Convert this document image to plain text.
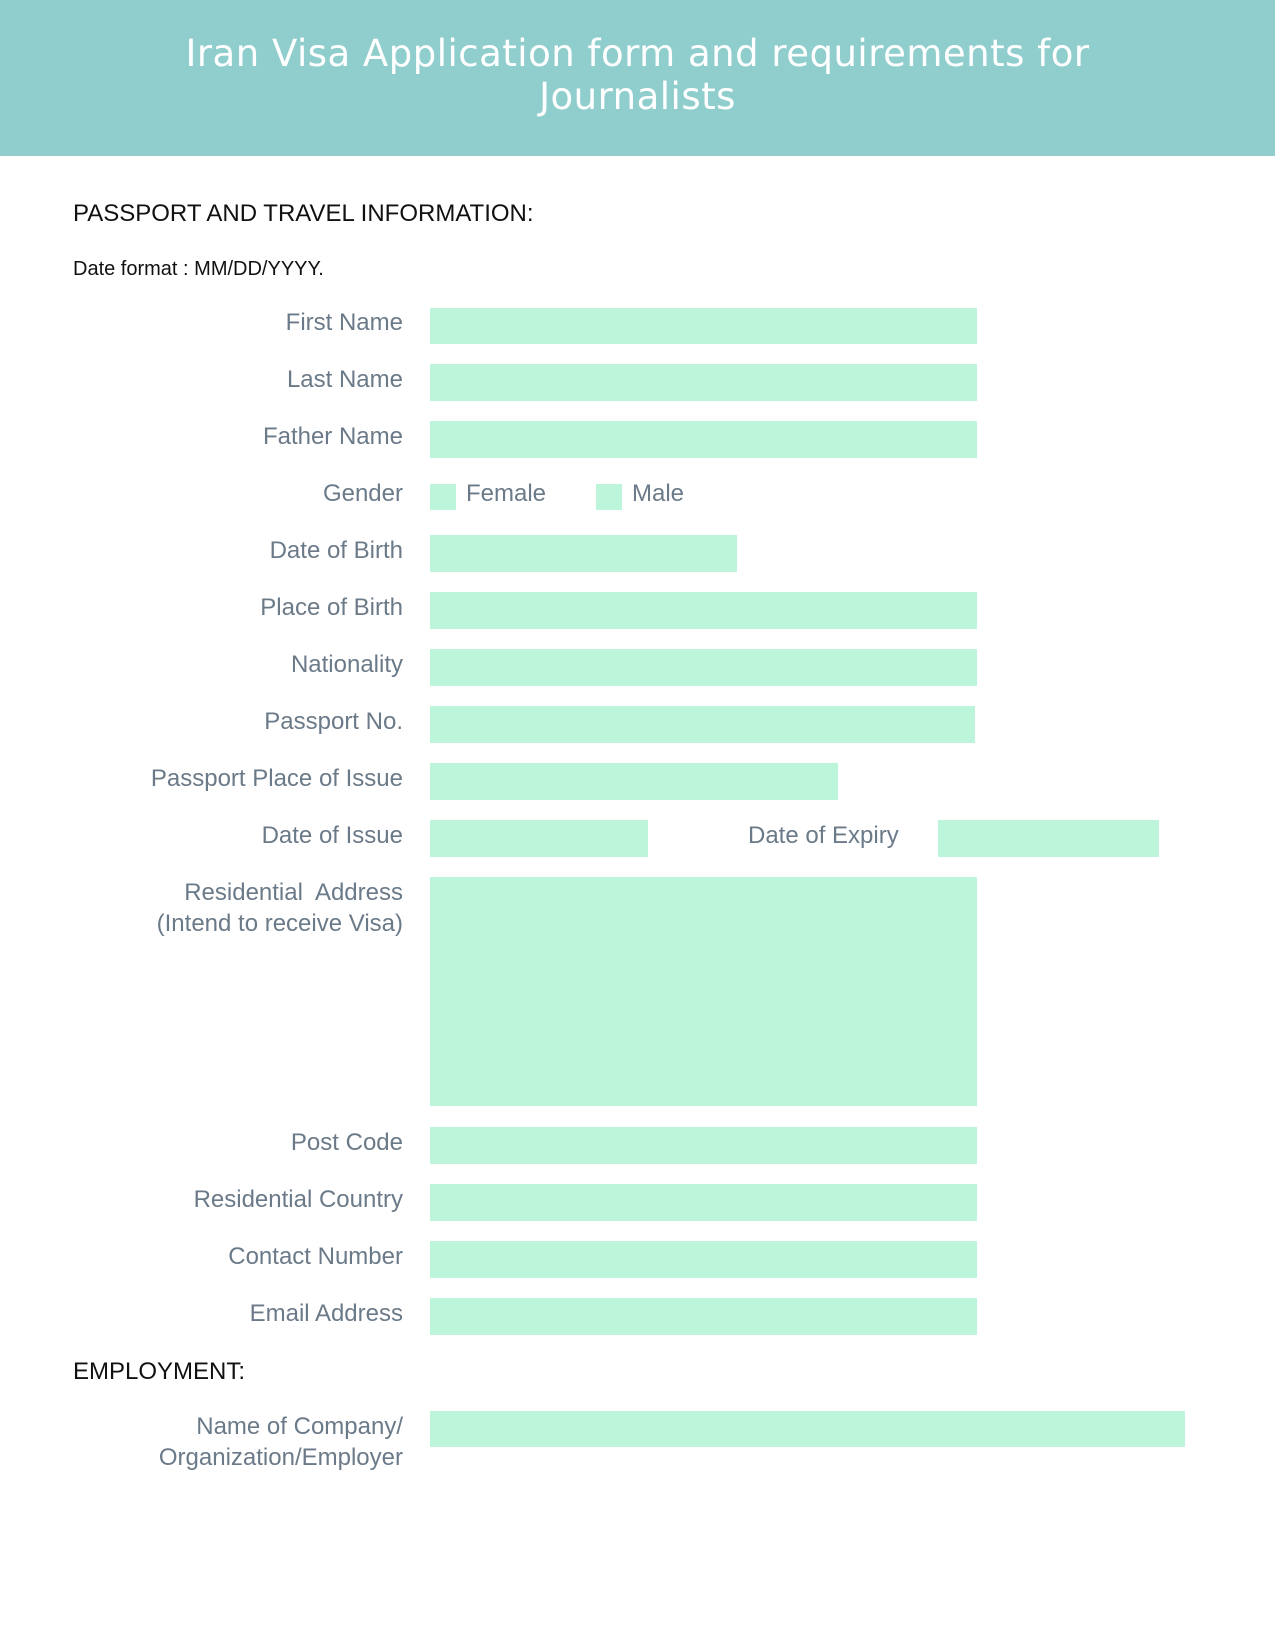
Iran Visa Application form and requirements for Journalists
PASSPORT AND TRAVEL INFORMATION:
Date format : MM/DD/YYYY.
First Name
Last Name
Father Name
Gender	Female	Male
Date of Birth
Place of Birth
Nationality
Passport No.
Passport Place of Issue
Date of Issue	Date of Expiry
Residential  Address
(Intend to receive Visa)
Post Code
Residential Country
Contact Number
Email Address
EMPLOYMENT:
Name of Company/
Organization/Employer
